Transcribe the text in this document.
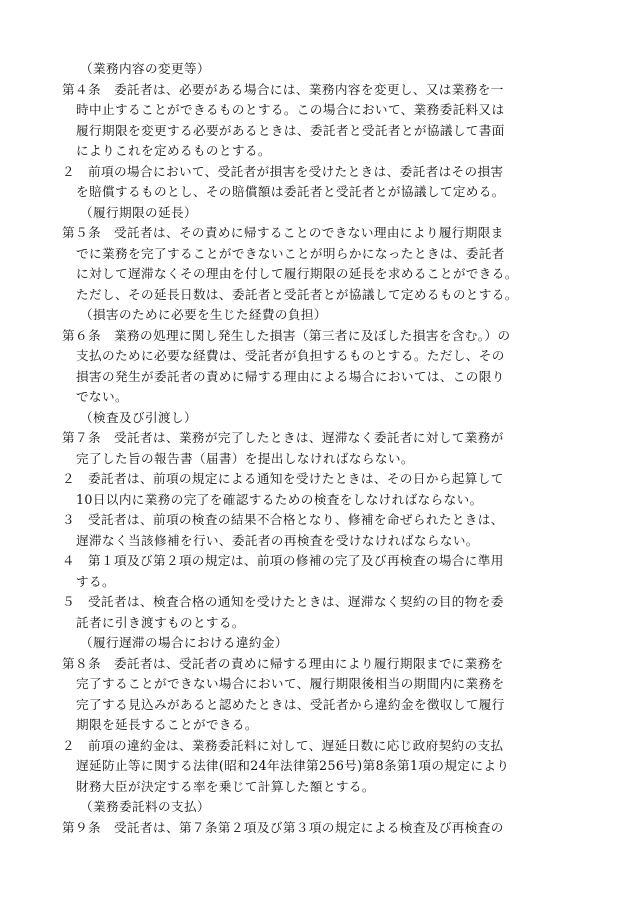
（業務内容の変更等）
第４条　委託者は、必要がある場合には、業務内容を変更し、又は業務を一
時中止することができるものとする。この場合において、業務委託料又は
履行期限を変更する必要があるときは、委託者と受託者とが協議して書面
によりこれを定めるものとする。
２　前項の場合において、受託者が損害を受けたときは、委託者はその損害
を賠償するものとし、その賠償額は委託者と受託者とが協議して定める。
（履行期限の延長）
第５条　受託者は、その責めに帰することのできない理由により履行期限ま
でに業務を完了することができないことが明らかになったときは、委託者
に対して遅滞なくその理由を付して履行期限の延長を求めることができる。
ただし、その延長日数は、委託者と受託者とが協議して定めるものとする。
（損害のために必要を生じた経費の負担）
第６条　業務の処理に関し発生した損害（第三者に及ぼした損害を含む。）の
支払のために必要な経費は、受託者が負担するものとする。ただし、その
損害の発生が委託者の責めに帰する理由による場合においては、この限り
でない。
（検査及び引渡し）
第７条　受託者は、業務が完了したときは、遅滞なく委託者に対して業務が
完了した旨の報告書（届書）を提出しなければならない。
２　委託者は、前項の規定による通知を受けたときは、その日から起算して
10日以内に業務の完了を確認するための検査をしなければならない。
３　受託者は、前項の検査の結果不合格となり、修補を命ぜられたときは、
遅滞なく当該修補を行い、委託者の再検査を受けなければならない。
４　第１項及び第２項の規定は、前項の修補の完了及び再検査の場合に準用
する。
５　受託者は、検査合格の通知を受けたときは、遅滞なく契約の目的物を委
託者に引き渡すものとする。
（履行遅滞の場合における違約金）
第８条　委託者は、受託者の責めに帰する理由により履行期限までに業務を
完了することができない場合において、履行期限後相当の期間内に業務を
完了する見込みがあると認めたときは、受託者から違約金を徴収して履行
期限を延長することができる。
２　前項の違約金は、業務委託料に対して、遅延日数に応じ政府契約の支払
遅延防止等に関する法律(昭和24年法律第256号)第8条第1項の規定により
財務大臣が決定する率を乗じて計算した額とする。
（業務委託料の支払）
第９条　受託者は、第７条第２項及び第３項の規定による検査及び再検査の
